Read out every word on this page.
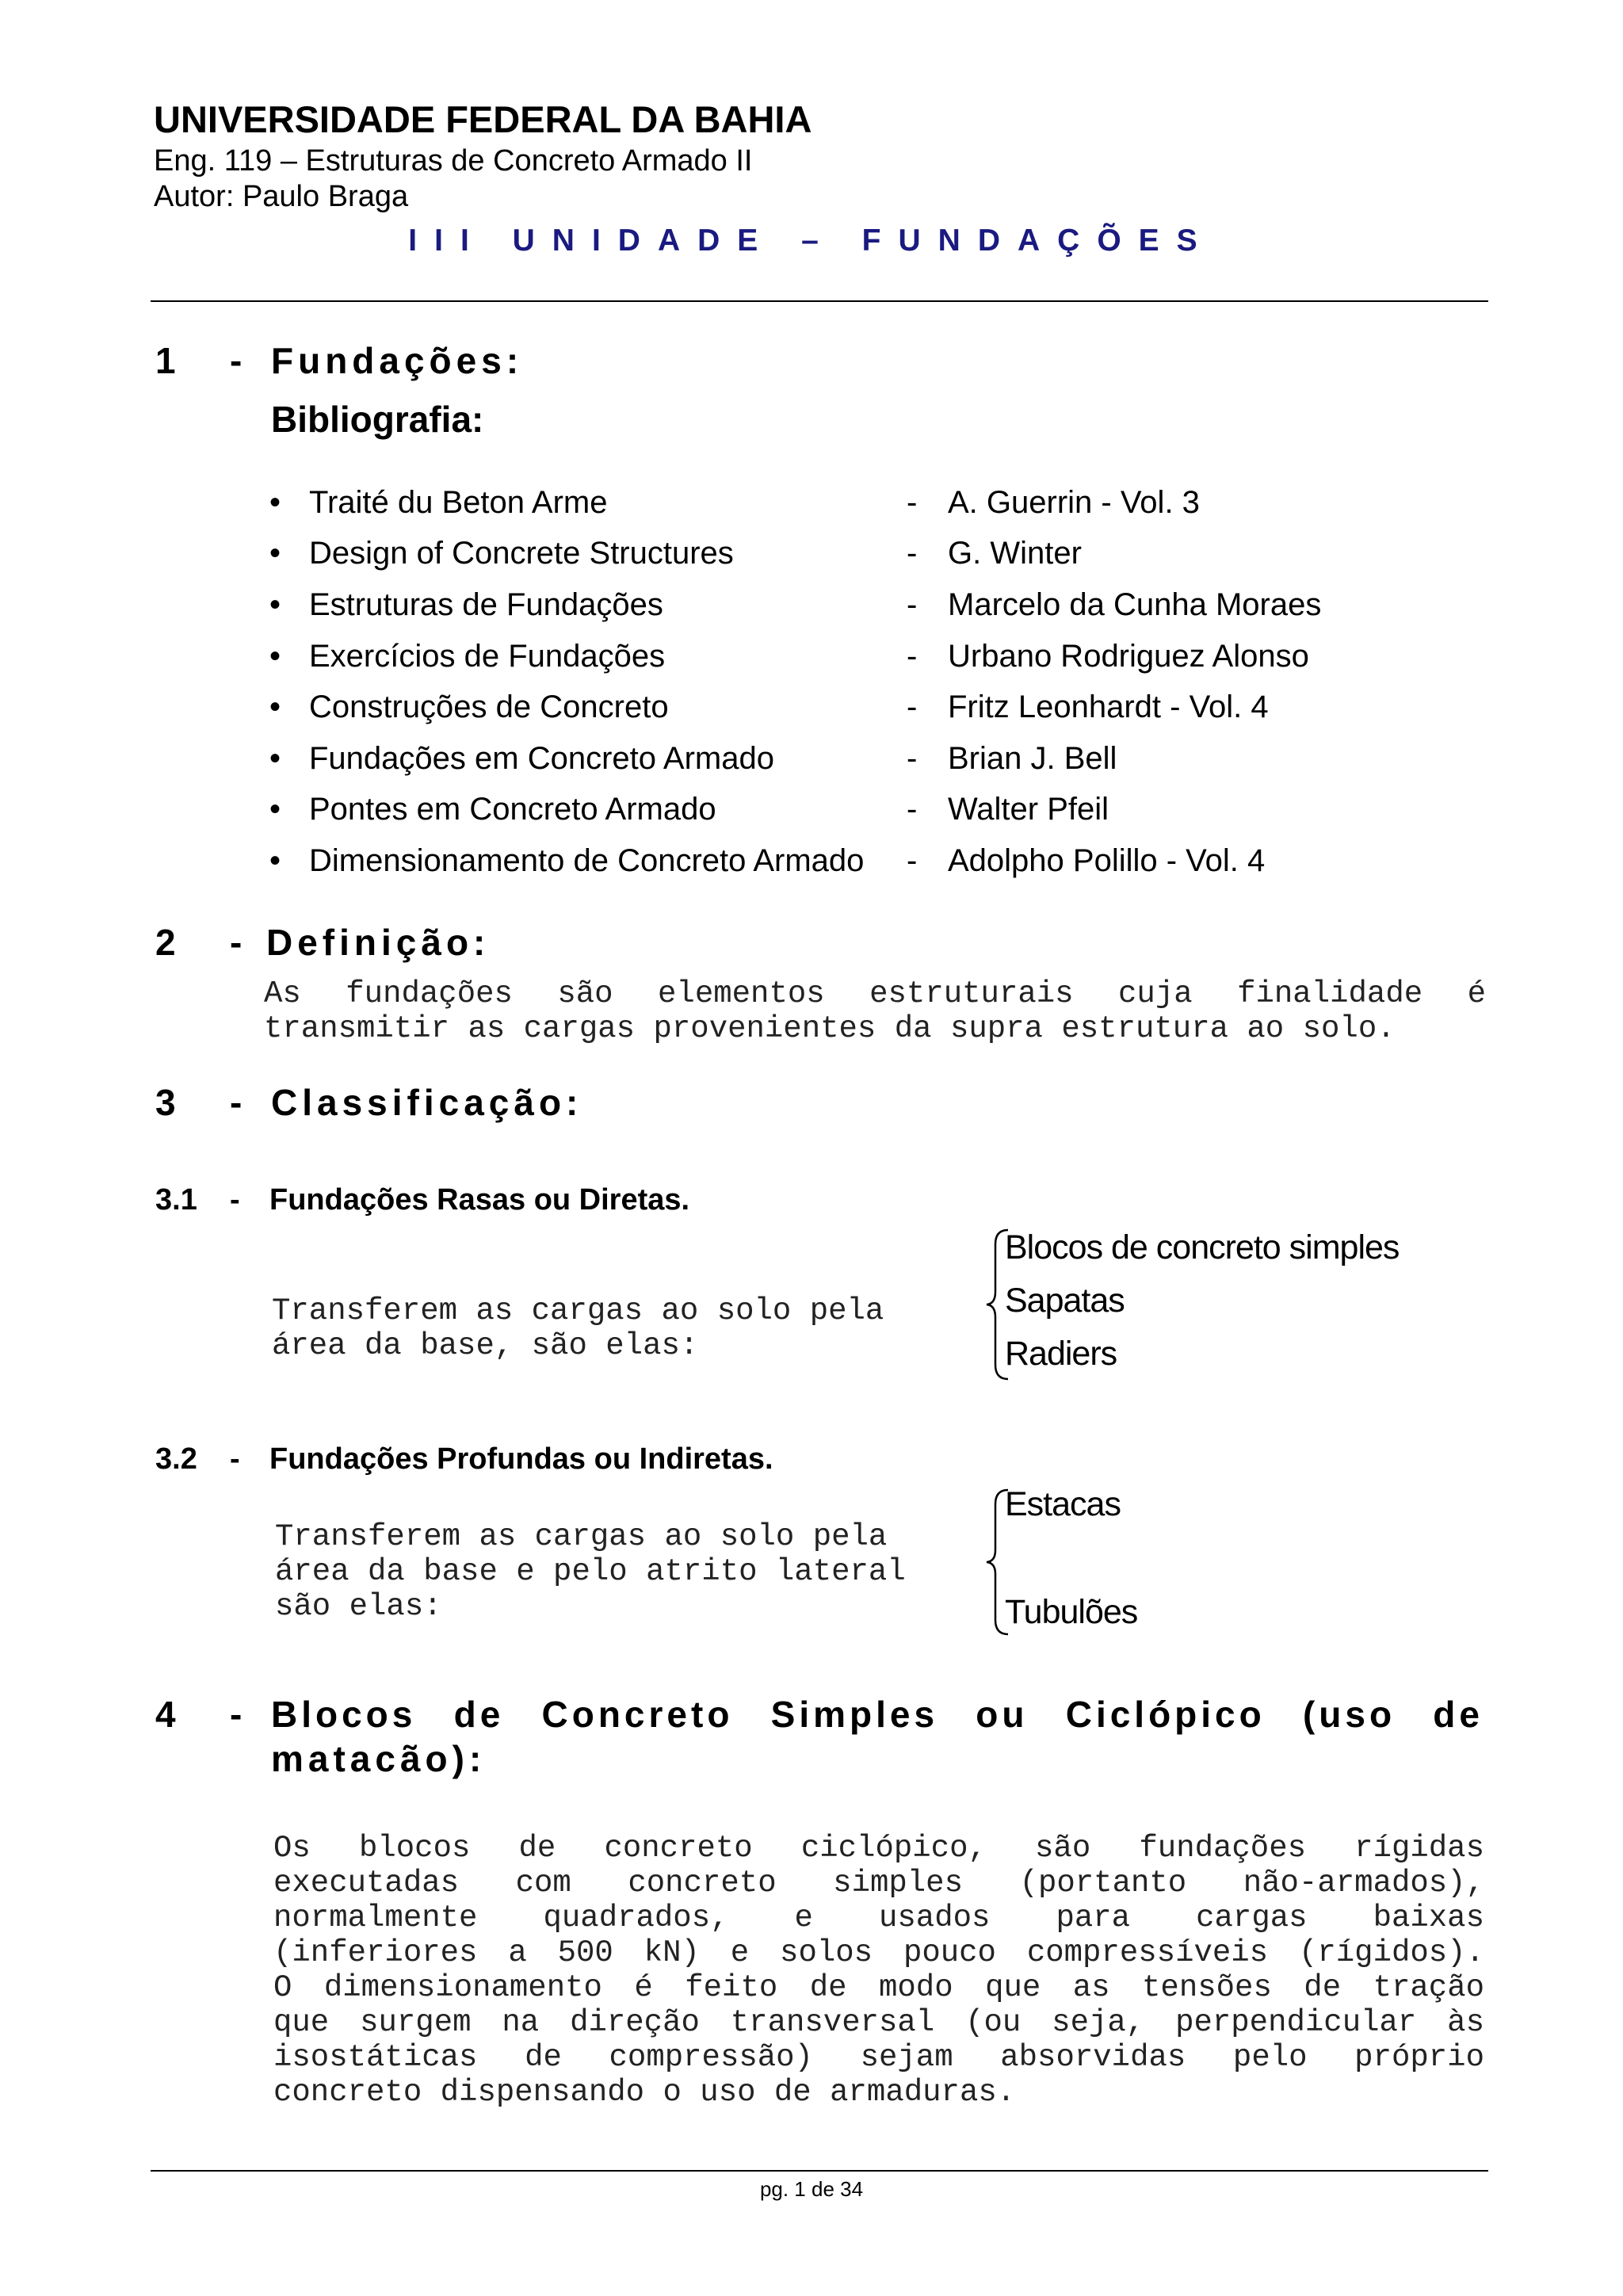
UNIVERSIDADE FEDERAL DA BAHIA
Eng. 119 – Estruturas de Concreto Armado II
Autor: Paulo Braga
III UNIDADE – FUNDAÇÕES
1 - Fundações:
Bibliografia:
• Traité du Beton Arme	- A. Guerrin - Vol. 3
• Design of Concrete Structures	- G. Winter
• Estruturas de Fundações	- Marcelo da Cunha Moraes
• Exercícios de Fundações	- Urbano Rodriguez Alonso
• Construções de Concreto	- Fritz Leonhardt - Vol. 4
• Fundações em Concreto Armado	- Brian J. Bell
• Pontes em Concreto Armado	- Walter Pfeil
• Dimensionamento de Concreto Armado - Adolpho Polillo - Vol. 4
2 - Definição:
As fundações são elementos estruturais cuja finalidade é
transmitir as cargas provenientes da supra estrutura ao solo.
3 - Classificação:
3.1 - Fundações Rasas ou Diretas.
Transferem as cargas ao solo pela
área da base, são elas:
Blocos de concreto simples
Sapatas
Radiers
3.2 - Fundações Profundas ou Indiretas.
Transferem as cargas ao solo pela
área da base e pelo atrito lateral
são elas:
Estacas
Tubulões
4 - Blocos de Concreto Simples ou Ciclópico (uso de
matacão):
Os blocos de concreto ciclópico, são fundações rígidas
executadas com concreto simples (portanto não-armados),
normalmente quadrados, e usados para cargas baixas
(inferiores a 500 kN) e solos pouco compressíveis (rígidos).
O dimensionamento é feito de modo que as tensões de tração
que surgem na direção transversal (ou seja, perpendicular às
isostáticas de compressão) sejam absorvidas pelo próprio
concreto dispensando o uso de armaduras.
pg. 1 de 34
